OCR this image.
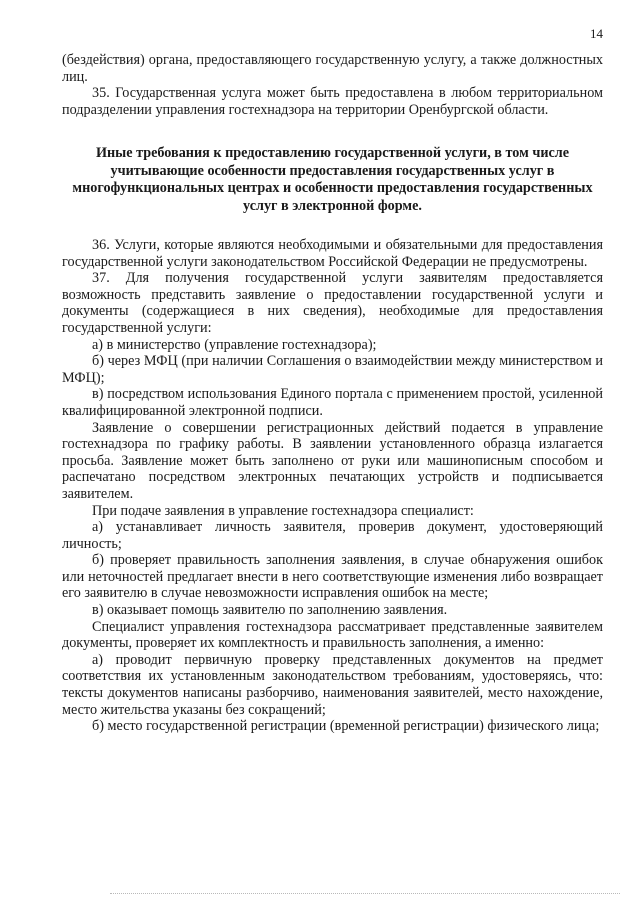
14

(бездействия) органа, предоставляющего государственную услугу, а также должностных лиц.

35. Государственная услуга может быть предоставлена в любом территориальном подразделении управления гостехнадзора на территории Оренбургской области.

Иные требования к предоставлению государственной услуги, в том числе учитывающие особенности предоставления государственных услуг в многофункциональных центрах и особенности предоставления государственных услуг в электронной форме.

36. Услуги, которые являются необходимыми и обязательными для предоставления государственной услуги законодательством Российской Федерации не предусмотрены.

37. Для получения государственной услуги заявителям предоставляется возможность представить заявление о предоставлении государственной услуги и документы (содержащиеся в них сведения), необходимые для предоставления государственной услуги:

а) в министерство (управление гостехнадзора);

б) через МФЦ (при наличии Соглашения о взаимодействии между министерством и МФЦ);

в) посредством использования Единого портала с применением простой, усиленной квалифицированной электронной подписи.

Заявление о совершении регистрационных действий подается в управление гостехнадзора по графику работы. В заявлении установленного образца излагается просьба. Заявление может быть заполнено от руки или машинописным способом и распечатано посредством электронных печатающих устройств и подписывается заявителем.

При подаче заявления в управление гостехнадзора специалист:

а) устанавливает личность заявителя, проверив документ, удостоверяющий личность;

б) проверяет правильность заполнения заявления, в случае обнаружения ошибок или неточностей предлагает внести в него соответствующие изменения либо возвращает его заявителю в случае невозможности исправления ошибок на месте;

в) оказывает помощь заявителю по заполнению заявления.

Специалист управления гостехнадзора рассматривает представленные заявителем документы, проверяет их комплектность и правильность заполнения, а именно:

а) проводит первичную проверку представленных документов на предмет соответствия их установленным законодательством требованиям, удостоверяясь, что: тексты документов написаны разборчиво, наименования заявителей, место нахождение, место жительства указаны без сокращений;

б) место государственной регистрации (временной регистрации) физического лица;
